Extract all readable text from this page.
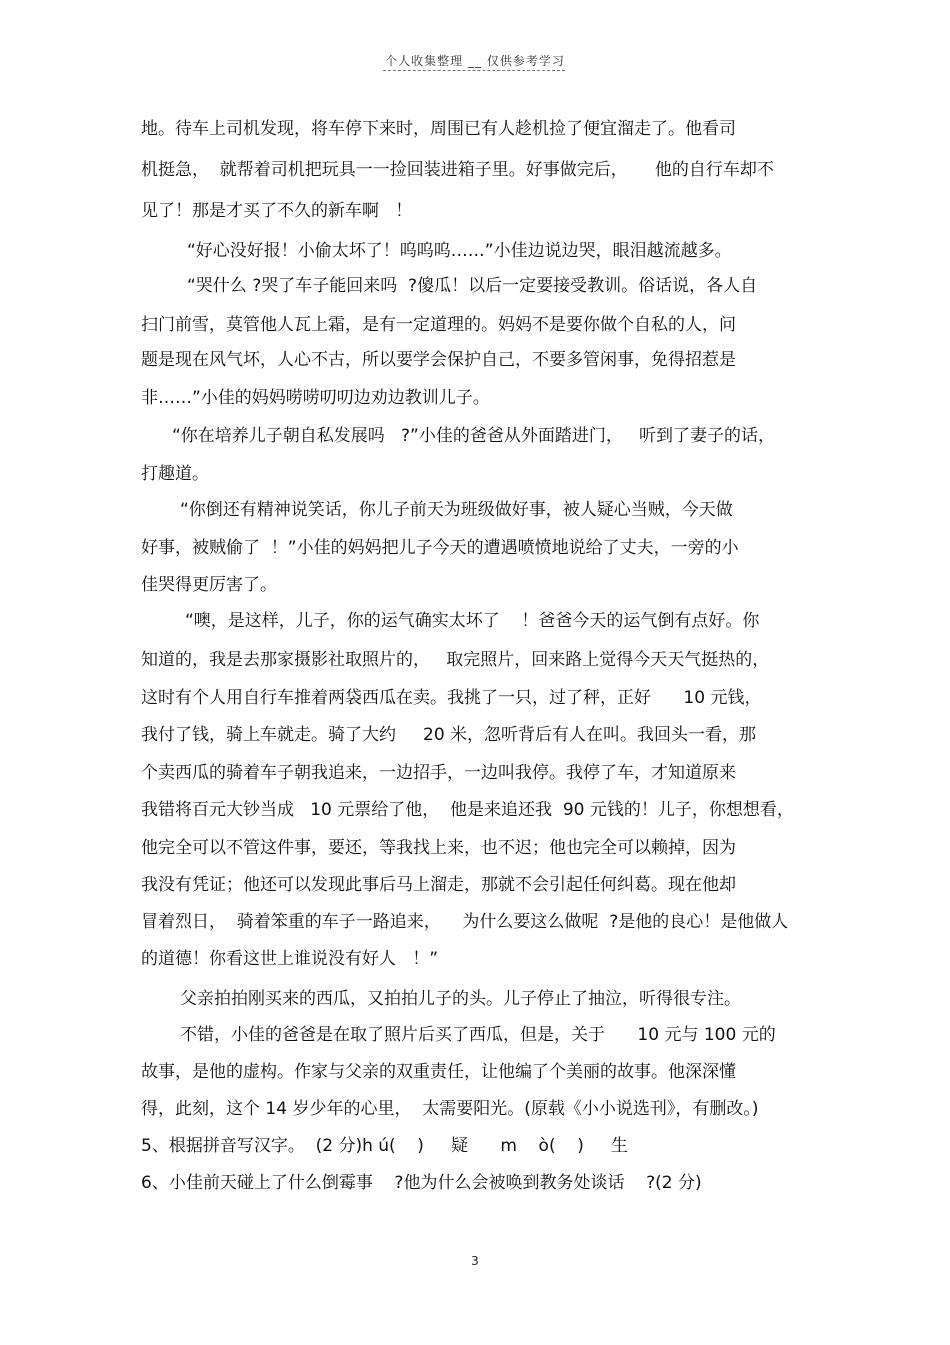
个人收集整理 __ 仅供参考学习
地。待车上司机发现，将车停下来时，周围已有人趁机捡了便宜溜走了。他看司
机挺急，  就帮着司机把玩具一一捡回装进箱子里。好事做完后，     他的自行车却不
见了！那是才买了不久的新车啊   ！
“好心没好报！小偷太坏了！呜呜呜……”小佳边说边哭，眼泪越流越多。
“哭什么 ?哭了车子能回来吗  ?傻瓜！以后一定要接受教训。俗话说，各人自
扫门前雪，莫管他人瓦上霜，是有一定道理的。妈妈不是要你做个自私的人，问
题是现在风气坏，人心不古，所以要学会保护自己，不要多管闲事，免得招惹是
非……”小佳的妈妈唠唠叨叨边劝边教训儿子。
“你在培养儿子朝自私发展吗   ?”小佳的爸爸从外面踏进门，   听到了妻子的话，
打趣道。
“你倒还有精神说笑话，你儿子前天为班级做好事，被人疑心当贼，今天做
好事，被贼偷了  ！”小佳的妈妈把儿子今天的遭遇喷愤地说给了丈夫，一旁的小
佳哭得更厉害了。
“噢，是这样，儿子，你的运气确实太坏了    ！爸爸今天的运气倒有点好。你
知道的，我是去那家摄影社取照片的，   取完照片，回来路上觉得今天天气挺热的，
这时有个人用自行车推着两袋西瓜在卖。我挑了一只，过了秤，正好      10 元钱，
我付了钱，骑上车就走。骑了大约     20 米，忽听背后有人在叫。我回头一看，那
个卖西瓜的骑着车子朝我追来，一边招手，一边叫我停。我停了车，才知道原来
我错将百元大钞当成   10 元票给了他，  他是来追还我  90 元钱的！儿子，你想想看，
他完全可以不管这件事，要还，等我找上来，也不迟；他也完全可以赖掉，因为
我没有凭证；他还可以发现此事后马上溜走，那就不会引起任何纠葛。现在他却
冒着烈日，  骑着笨重的车子一路追来，    为什么要这么做呢  ?是他的良心！是他做人
的道德！你看这世上谁说没有好人   ！”
父亲拍拍刚买来的西瓜，又拍拍儿子的头。儿子停止了抽泣，听得很专注。
不错，小佳的爸爸是在取了照片后买了西瓜，但是，关于      10 元与 100 元的
故事，是他的虚构。作家与父亲的双重责任，让他编了个美丽的故事。他深深懂
得，此刻，这个 14 岁少年的心里，  太需要阳光。(原载《小小说选刊》，有删改。)
5、根据拼音写汉字。  (2 分)h ú(    )     疑      m    ò(    )     生
6、小佳前天碰上了什么倒霉事    ?他为什么会被唤到教务处谈话    ?(2 分)
3
